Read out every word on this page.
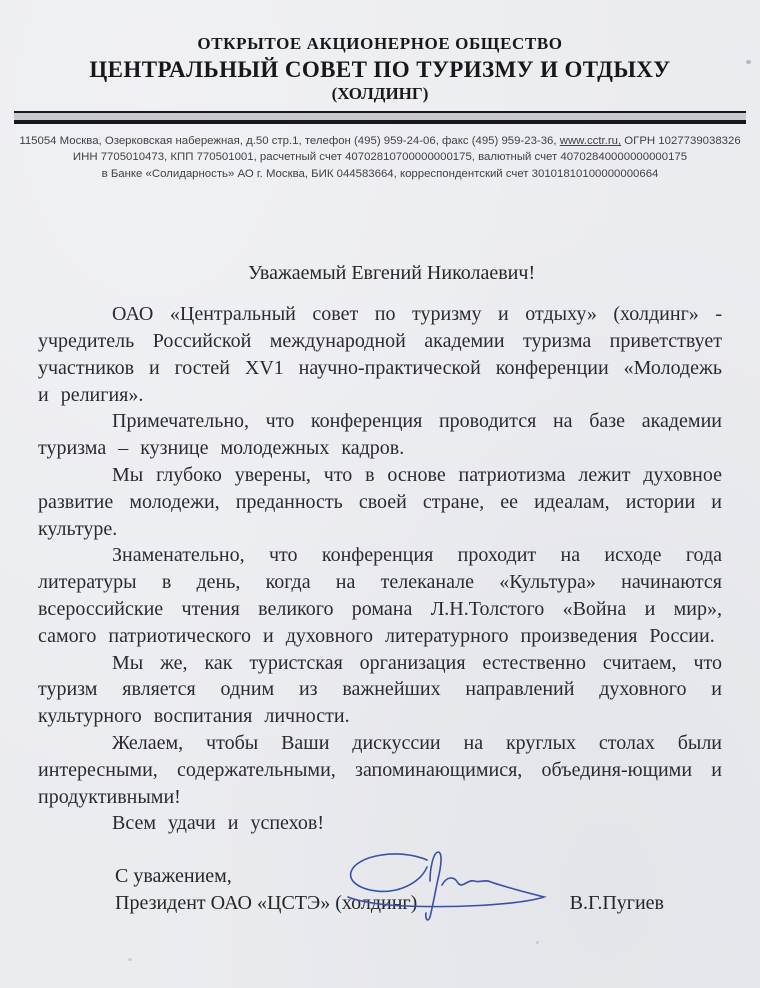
ОТКРЫТОЕ АКЦИОНЕРНОЕ ОБЩЕСТВО
ЦЕНТРАЛЬНЫЙ СОВЕТ ПО ТУРИЗМУ И ОТДЫХУ
(ХОЛДИНГ)
115054 Москва, Озерковская набережная, д.50 стр.1, телефон (495) 959-24-06, факс (495) 959-23-36, www.cctr.ru, ОГРН 1027739038326
ИНН 7705010473, КПП 770501001, расчетный счет 40702810700000000175, валютный счет 40702840000000000175
в Банке «Солидарность» АО г. Москва, БИК 044583664, корреспондентский счет 30101810100000000664
Уважаемый Евгений Николаевич!

ОАО «Центральный совет по туризму и отдыху» (холдинг» - учредитель Российской международной академии туризма приветствует участников и гостей XV1 научно-практической конференции «Молодежь и религия».

Примечательно, что конференция проводится на базе академии туризма – кузнице молодежных кадров.

Мы глубоко уверены, что в основе патриотизма лежит духовное развитие молодежи, преданность своей стране, ее идеалам, истории и культуре.

Знаменательно, что конференция проходит на исходе года литературы в день, когда на телеканале «Культура» начинаются всероссийские чтения великого романа Л.Н.Толстого «Война и мир», самого патриотического и духовного литературного произведения России.

Мы же, как туристская организация естественно считаем, что туризм является одним из важнейших направлений духовного и культурного воспитания личности.

Желаем, чтобы Ваши дискуссии на круглых столах были интересными, содержательными, запоминающимися, объединя-ющими и продуктивными!

Всем удачи и успехов!

С уважением,
Президент ОАО «ЦСТЭ» (холдинг)	В.Г.Пугиев
